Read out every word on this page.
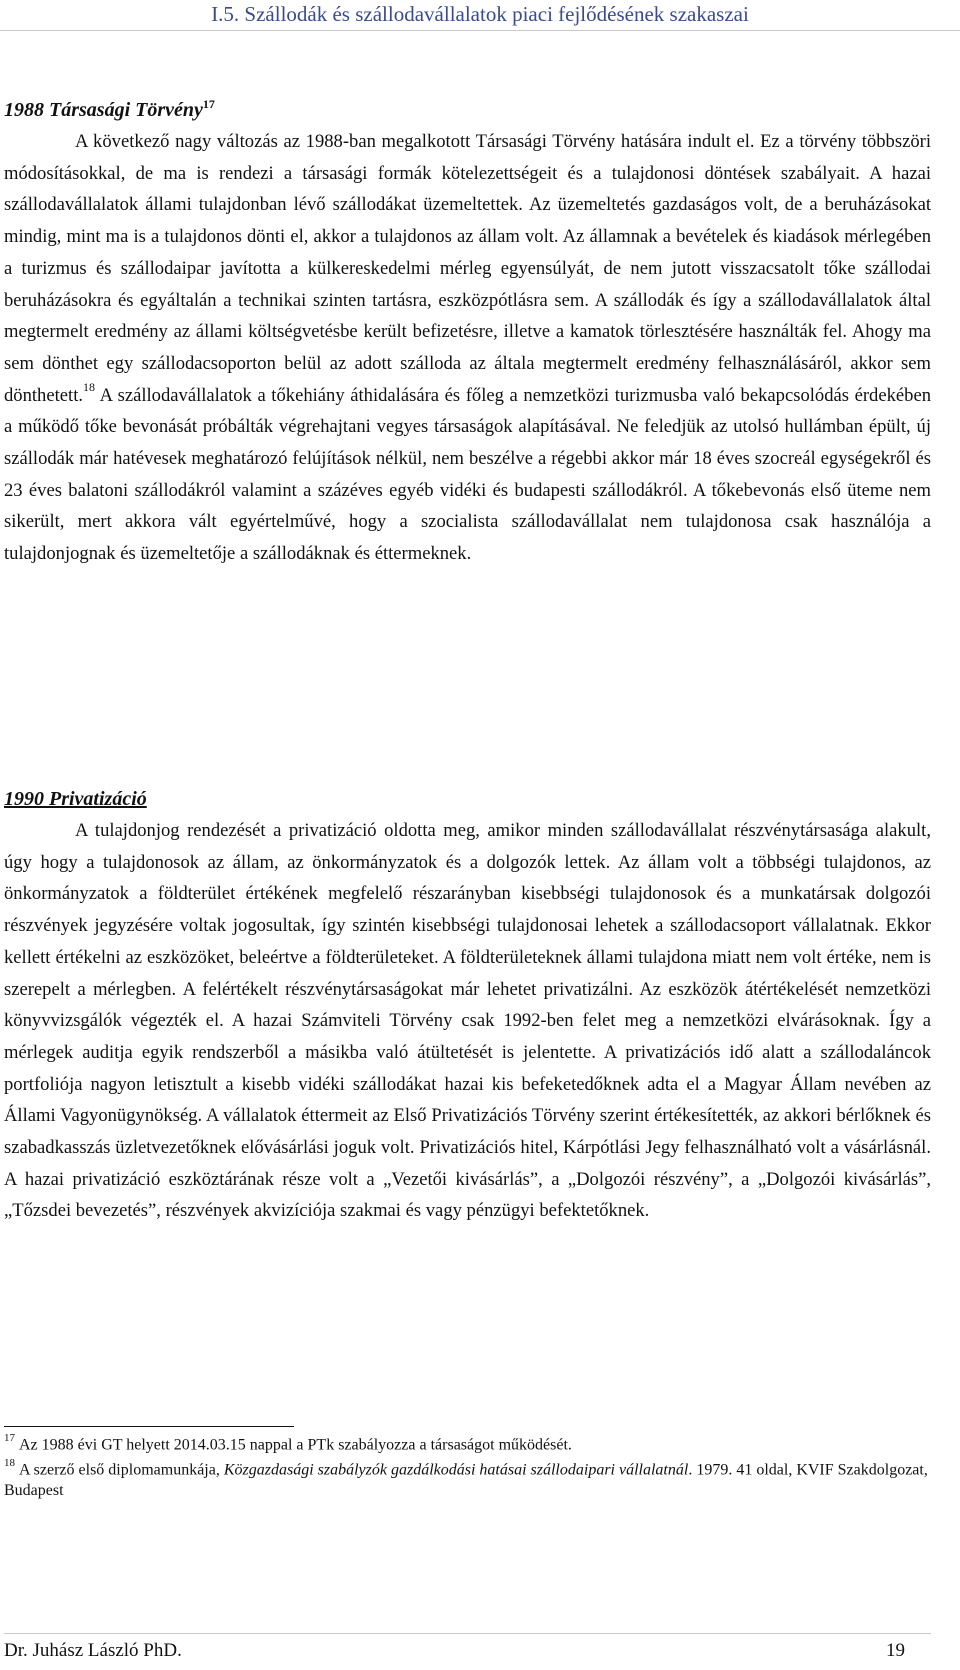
I.5. Szállodák és szállodavállalatok piaci fejlődésének szakaszai
1988 Társasági Törvény$^{17}$

A következő nagy változás az 1988-ban megalkotott Társasági Törvény hatására indult el. Ez a törvény többszöri módosításokkal, de ma is rendezi a társasági formák kötelezettségeit és a tulajdonosi döntések szabályait. A hazai szállodavállalatok állami tulajdonban lévő szállodákat üzemeltettek. Az üzemeltetés gazdaságos volt, de a beruházásokat mindig, mint ma is a tulajdonos dönti el, akkor a tulajdonos az állam volt. Az államnak a bevételek és kiadások mérlegében a turizmus és szállodaipar javította a külkereskedelmi mérleg egyensúlyát, de nem jutott visszacsatolt tőke szállodai beruházásokra és egyáltalán a technikai szinten tartásra, eszközpótlásra sem. A szállodák és így a szállodavállalatok által megtermelt eredmény az állami költségvetésbe került befizetésre, illetve a kamatok törlesztésére használták fel. Ahogy ma sem dönthet egy szállodacsoporton belül az adott szálloda az általa megtermelt eredmény felhasználásáról, akkor sem dönthetett.$^{18}$ A szállodavállalatok a tőkehiány áthidalására és főleg a nemzetközi turizmusba való bekapcsolódás érdekében a működő tőke bevonását próbálták végrehajtani vegyes társaságok alapításával. Ne feledjük az utolsó hullámban épült, új szállodák már hatévesek meghatározó felújítások nélkül, nem beszélve a régebbi akkor már 18 éves szocreál egységekről és 23 éves balatoni szállodákról valamint a százéves egyéb vidéki és budapesti szállodákról. A tőkebevonás első üteme nem sikerült, mert akkora vált egyértelművé, hogy a szocialista szállodavállalat nem tulajdonosa csak használója a tulajdonjognak és üzemeltetője a szállodáknak és éttermeknek.

1990 Privatizáció

A tulajdonjog rendezését a privatizáció oldotta meg, amikor minden szállodavállalat részvénytársasága alakult, úgy hogy a tulajdonosok az állam, az önkormányzatok és a dolgozók lettek. Az állam volt a többségi tulajdonos, az önkormányzatok a földterület értékének megfelelő részarányban kisebbségi tulajdonosok és a munkatársak dolgozói részvények jegyzésére voltak jogosultak, így szintén kisebbségi tulajdonosai lehetek a szállodacsoport vállalatnak. Ekkor kellett értékelni az eszközöket, beleértve a földterületeket. A földterületeknek állami tulajdona miatt nem volt értéke, nem is szerepelt a mérlegben. A felértékelt részvénytársaságokat már lehetet privatizálni. Az eszközök átértékelését nemzetközi könyvvizsgálók végezték el. A hazai Számviteli Törvény csak 1992-ben felet meg a nemzetközi elvárásoknak. Így a mérlegek auditja egyik rendszerből a másikba való átültetését is jelentette. A privatizációs idő alatt a szállodaláncok portfoliója nagyon letisztult a kisebb vidéki szállodákat hazai kis befeketedőknek adta el a Magyar Állam nevében az Állami Vagyonügynökség. A vállalatok éttermeit az Első Privatizációs Törvény szerint értékesítették, az akkori bérlőknek és szabadkasszás üzletvezetőknek elővásárlási joguk volt. Privatizációs hitel, Kárpótlási Jegy felhasználható volt a vásárlásnál. A hazai privatizáció eszköztárának része volt a „Vezetői kivásárlás”, a „Dolgozói részvény”, a „Dolgozói kivásárlás”, „Tőzsdei bevezetés”, részvények akvizíciója szakmai és vagy pénzügyi befektetőknek.

$^{17}$ Az 1988 évi GT helyett 2014.03.15 nappal a PTk szabályozza a társaságot működését.

$^{18}$ A szerző első diplomamunkája, Közgazdasági szabályzók gazdálkodási hatásai szállodaipari vállalatnál. 1979. 41 oldal, KVIF Szakdolgozat, Budapest

Dr. Juhász László PhD.	19
